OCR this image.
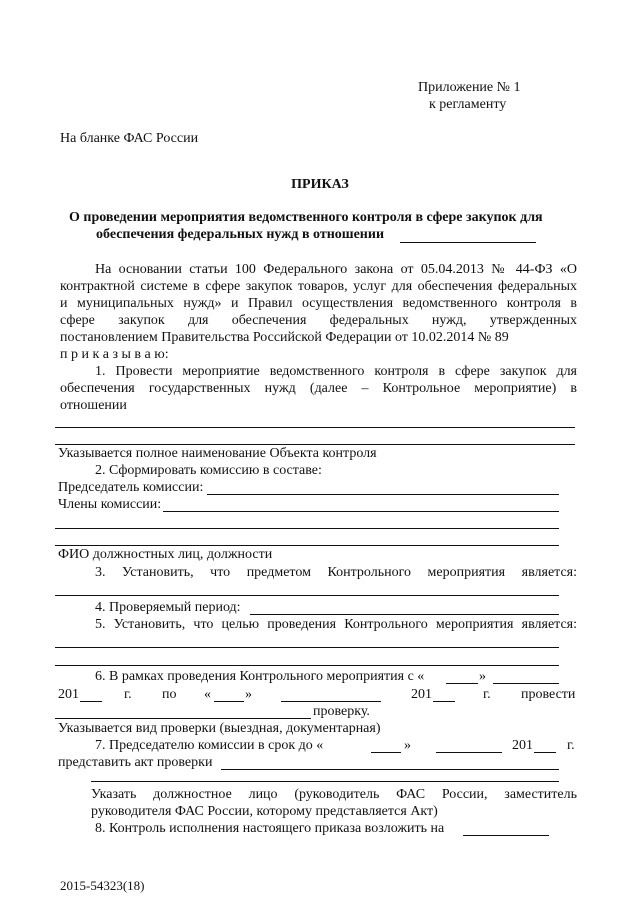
Приложение № 1
к регламенту
На бланке ФАС России
ПРИКАЗ
О проведении мероприятия ведомственного контроля в сфере закупок для
обеспечения федеральных нужд в отношении
На основании статьи 100 Федерального закона от 05.04.2013 № 44-ФЗ «О
контрактной системе в сфере закупок товаров, услуг для обеспечения федеральных
и муниципальных нужд» и Правил осуществления ведомственного контроля в
сфере закупок для обеспечения федеральных нужд, утвержденных
постановлением Правительства Российской Федерации от 10.02.2014 № 89
п р и к а з ы в а ю:
1. Провести мероприятие ведомственного контроля в сфере закупок для
обеспечения государственных нужд (далее – Контрольное мероприятие) в
отношении
Указывается полное наименование Объекта контроля
2. Сформировать комиссию в составе:
Председатель комиссии:
Члены комиссии:
ФИО должностных лиц, должности
3. Установить, что предметом Контрольного мероприятия является:
4. Проверяемый период:
5. Установить, что целью проведения Контрольного мероприятия является:
6. В рамках проведения Контрольного мероприятия с «	»
201	г. по « »	201	г. провести
проверку.
Указывается вид проверки (выездная, документарная)
7. Председателю комиссии в срок до «	»	201 г.
представить акт проверки
Указать должностное лицо (руководитель ФАС России, заместитель
руководителя ФАС России, которому представляется Акт)
8. Контроль исполнения настоящего приказа возложить на
2015-54323(18)
